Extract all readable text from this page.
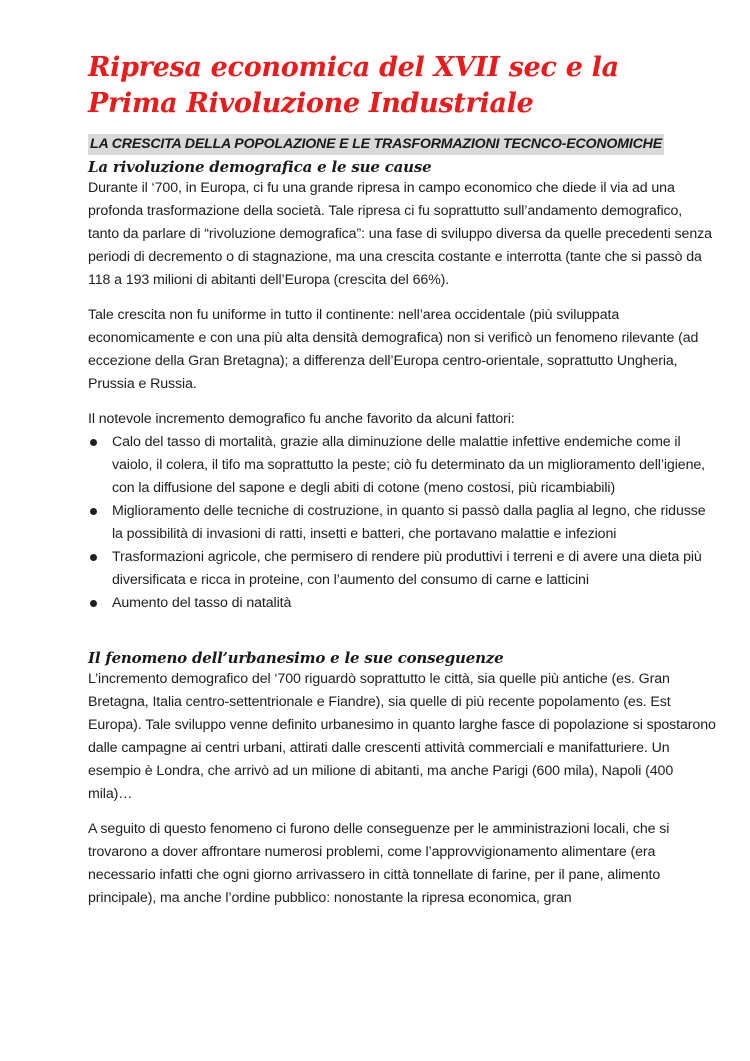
Ripresa economica del XVII sec e la Prima Rivoluzione Industriale
LA CRESCITA DELLA POPOLAZIONE E LE TRASFORMAZIONI TECNCO-ECONOMICHE
La rivoluzione demografica e le sue cause

Durante il ‘700, in Europa, ci fu una grande ripresa in campo economico che diede il via ad una profonda trasformazione della società. Tale ripresa ci fu soprattutto sull’andamento demografico, tanto da parlare di “rivoluzione demografica”: una fase di sviluppo diversa da quelle precedenti senza periodi di decremento o di stagnazione, ma una crescita costante e interrotta (tante che si passò da 118 a 193 milioni di abitanti dell’Europa (crescita del 66%).

Tale crescita non fu uniforme in tutto il continente: nell’area occidentale (più sviluppata economicamente e con una più alta densità demografica) non si verificò un fenomeno rilevante (ad eccezione della Gran Bretagna); a differenza dell’Europa centro-orientale, soprattutto Ungheria, Prussia e Russia.

Il notevole incremento demografico fu anche favorito da alcuni fattori:

Calo del tasso di mortalità, grazie alla diminuzione delle malattie infettive endemiche come il vaiolo, il colera, il tifo ma soprattutto la peste; ciò fu determinato da un miglioramento dell’igiene, con la diffusione del sapone e degli abiti di cotone (meno costosi, più ricambiabili)
Miglioramento delle tecniche di costruzione, in quanto si passò dalla paglia al legno, che ridusse la possibilità di invasioni di ratti, insetti e batteri, che portavano malattie e infezioni
Trasformazioni agricole, che permisero di rendere più produttivi i terreni e di avere una dieta più diversificata e ricca in proteine, con l’aumento del consumo di carne e latticini
Aumento del tasso di natalità
Il fenomeno dell’urbanesimo e le sue conseguenze

L’incremento demografico del ‘700 riguardò soprattutto le città, sia quelle più antiche (es. Gran Bretagna, Italia centro-settentrionale e Fiandre), sia quelle di più recente popolamento (es. Est Europa). Tale sviluppo venne definito urbanesimo in quanto larghe fasce di popolazione si spostarono dalle campagne ai centri urbani, attirati dalle crescenti attività commerciali e manifatturiere. Un esempio è Londra, che arrivò ad un milione di abitanti, ma anche Parigi (600 mila), Napoli (400 mila)…

A seguito di questo fenomeno ci furono delle conseguenze per le amministrazioni locali, che si trovarono a dover affrontare numerosi problemi, come l’approvvigionamento alimentare (era necessario infatti che ogni giorno arrivassero in città tonnellate di farine, per il pane, alimento principale), ma anche l’ordine pubblico: nonostante la ripresa economica, gran
